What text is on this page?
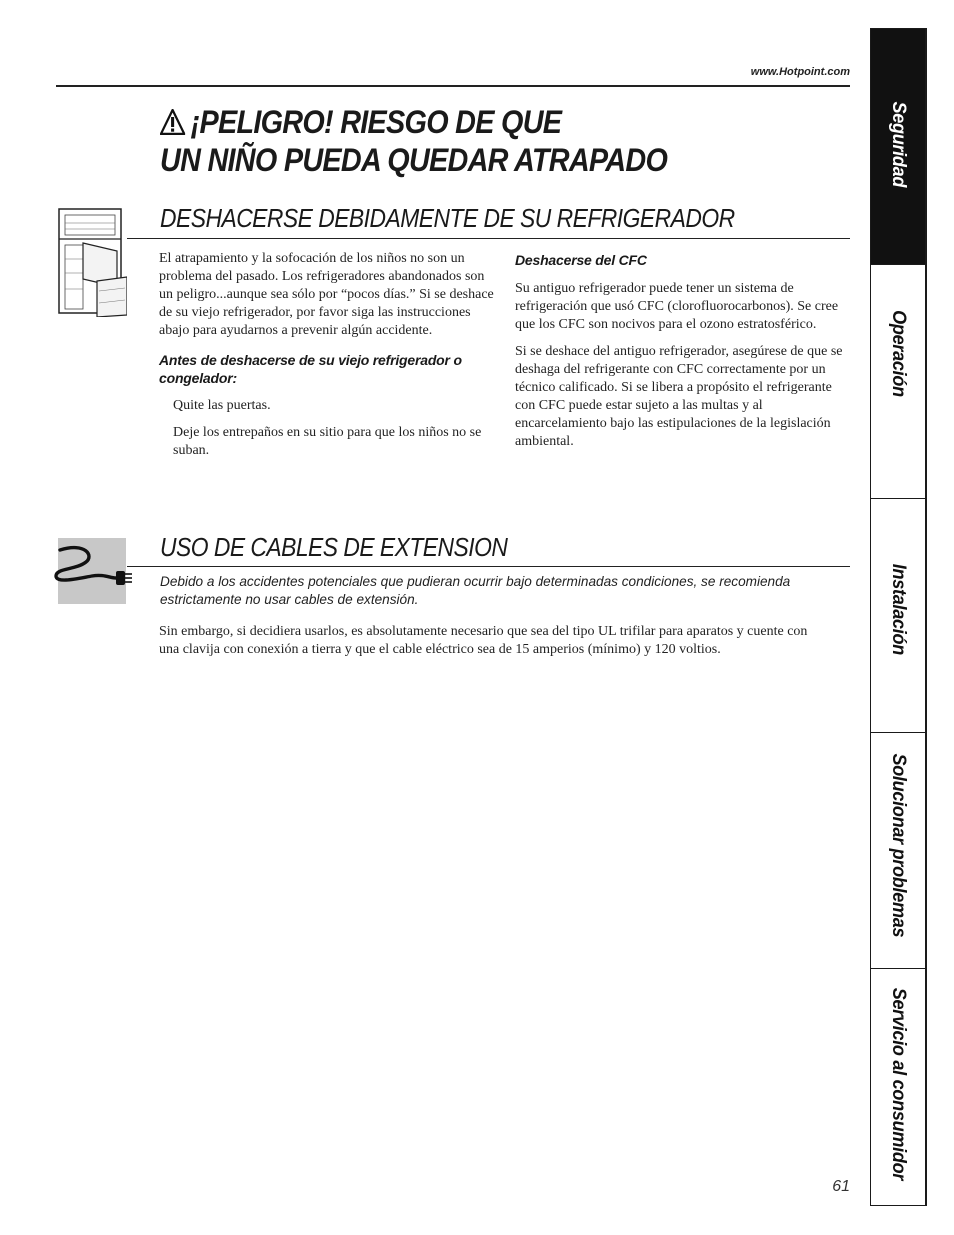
www.Hotpoint.com
¡PELIGRO! RIESGO DE QUE
UN NIÑO PUEDA QUEDAR ATRAPADO
DESHACERSE DEBIDAMENTE DE SU REFRIGERADOR

El atrapamiento y la sofocación de los niños no son un problema del pasado. Los refrigeradores abandonados son un peligro...aunque sea sólo por “pocos días.” Si se deshace de su viejo refrigerador, por favor siga las instrucciones abajo para ayudarnos a prevenir algún accidente.

Antes de deshacerse de su viejo refrigerador o congelador:

Quite las puertas.

Deje los entrepaños en su sitio para que los niños no se suban.

Deshacerse del CFC

Su antiguo refrigerador puede tener un sistema de refrigeración que usó CFC (clorofluorocarbonos). Se cree que los CFC son nocivos para el ozono estratosférico.

Si se deshace del antiguo refrigerador, asegúrese de que se deshaga del refrigerante con CFC correctamente por un técnico calificado. Si se libera a propósito el refrigerante con CFC puede estar sujeto a las multas y al encarcelamiento bajo las estipulaciones de la legislación ambiental.

USO DE CABLES DE EXTENSION
Debido a los accidentes potenciales que pudieran ocurrir bajo determinadas condiciones, se recomienda estrictamente no usar cables de extensión.
Sin embargo, si decidiera usarlos, es absolutamente necesario que sea del tipo UL trifilar para aparatos y cuente con una clavija con conexión a tierra y que el cable eléctrico sea de 15 amperios (mínimo) y 120 voltios.
61
Seguridad
Operación
Instalación
Solucionar problemas
Servicio al consumidor
